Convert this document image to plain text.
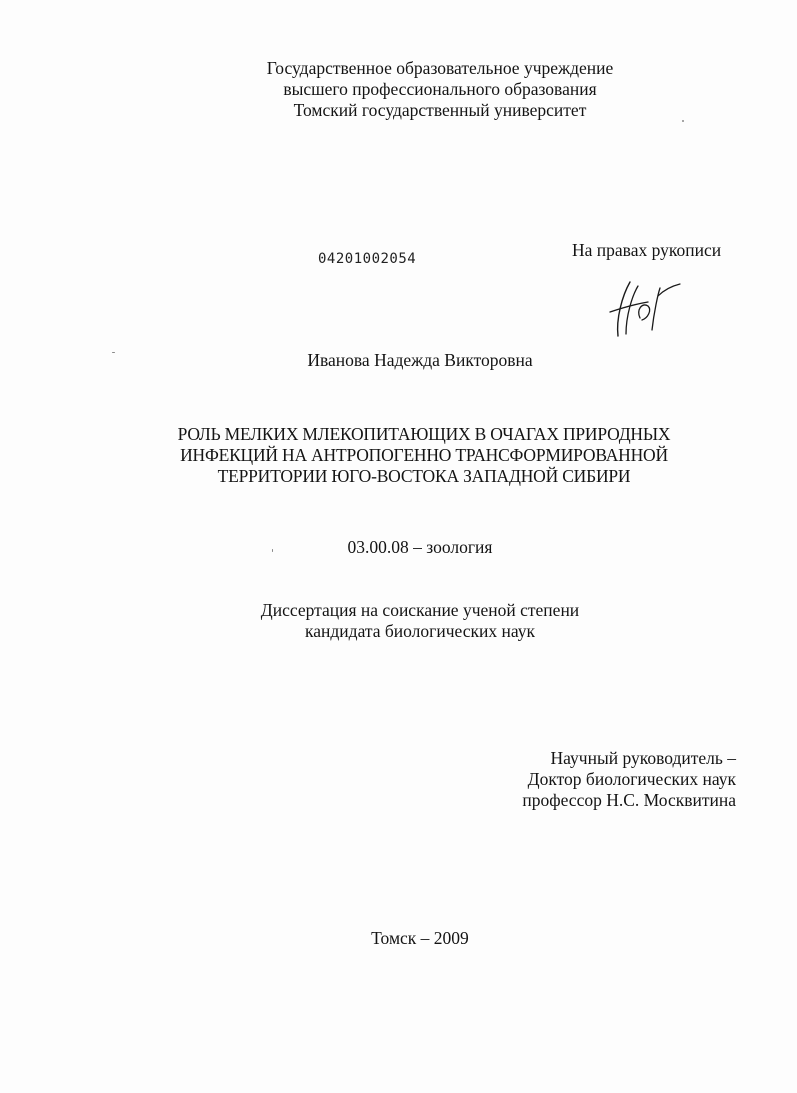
Государственное образовательное учреждение
высшего профессионального образования
Томский государственный университет
04201002054	На правах рукописи
Иванова Надежда Викторовна
РОЛЬ МЕЛКИХ МЛЕКОПИТАЮЩИХ В ОЧАГАХ ПРИРОДНЫХ
ИНФЕКЦИЙ НА АНТРОПОГЕННО ТРАНСФОРМИРОВАННОЙ
ТЕРРИТОРИИ ЮГО-ВОСТОКА ЗАПАДНОЙ СИБИРИ
03.00.08 – зоология
Диссертация на соискание ученой степени
кандидата биологических наук
Научный руководитель –
Доктор биологических наук
профессор Н.С. Москвитина
Томск – 2009
